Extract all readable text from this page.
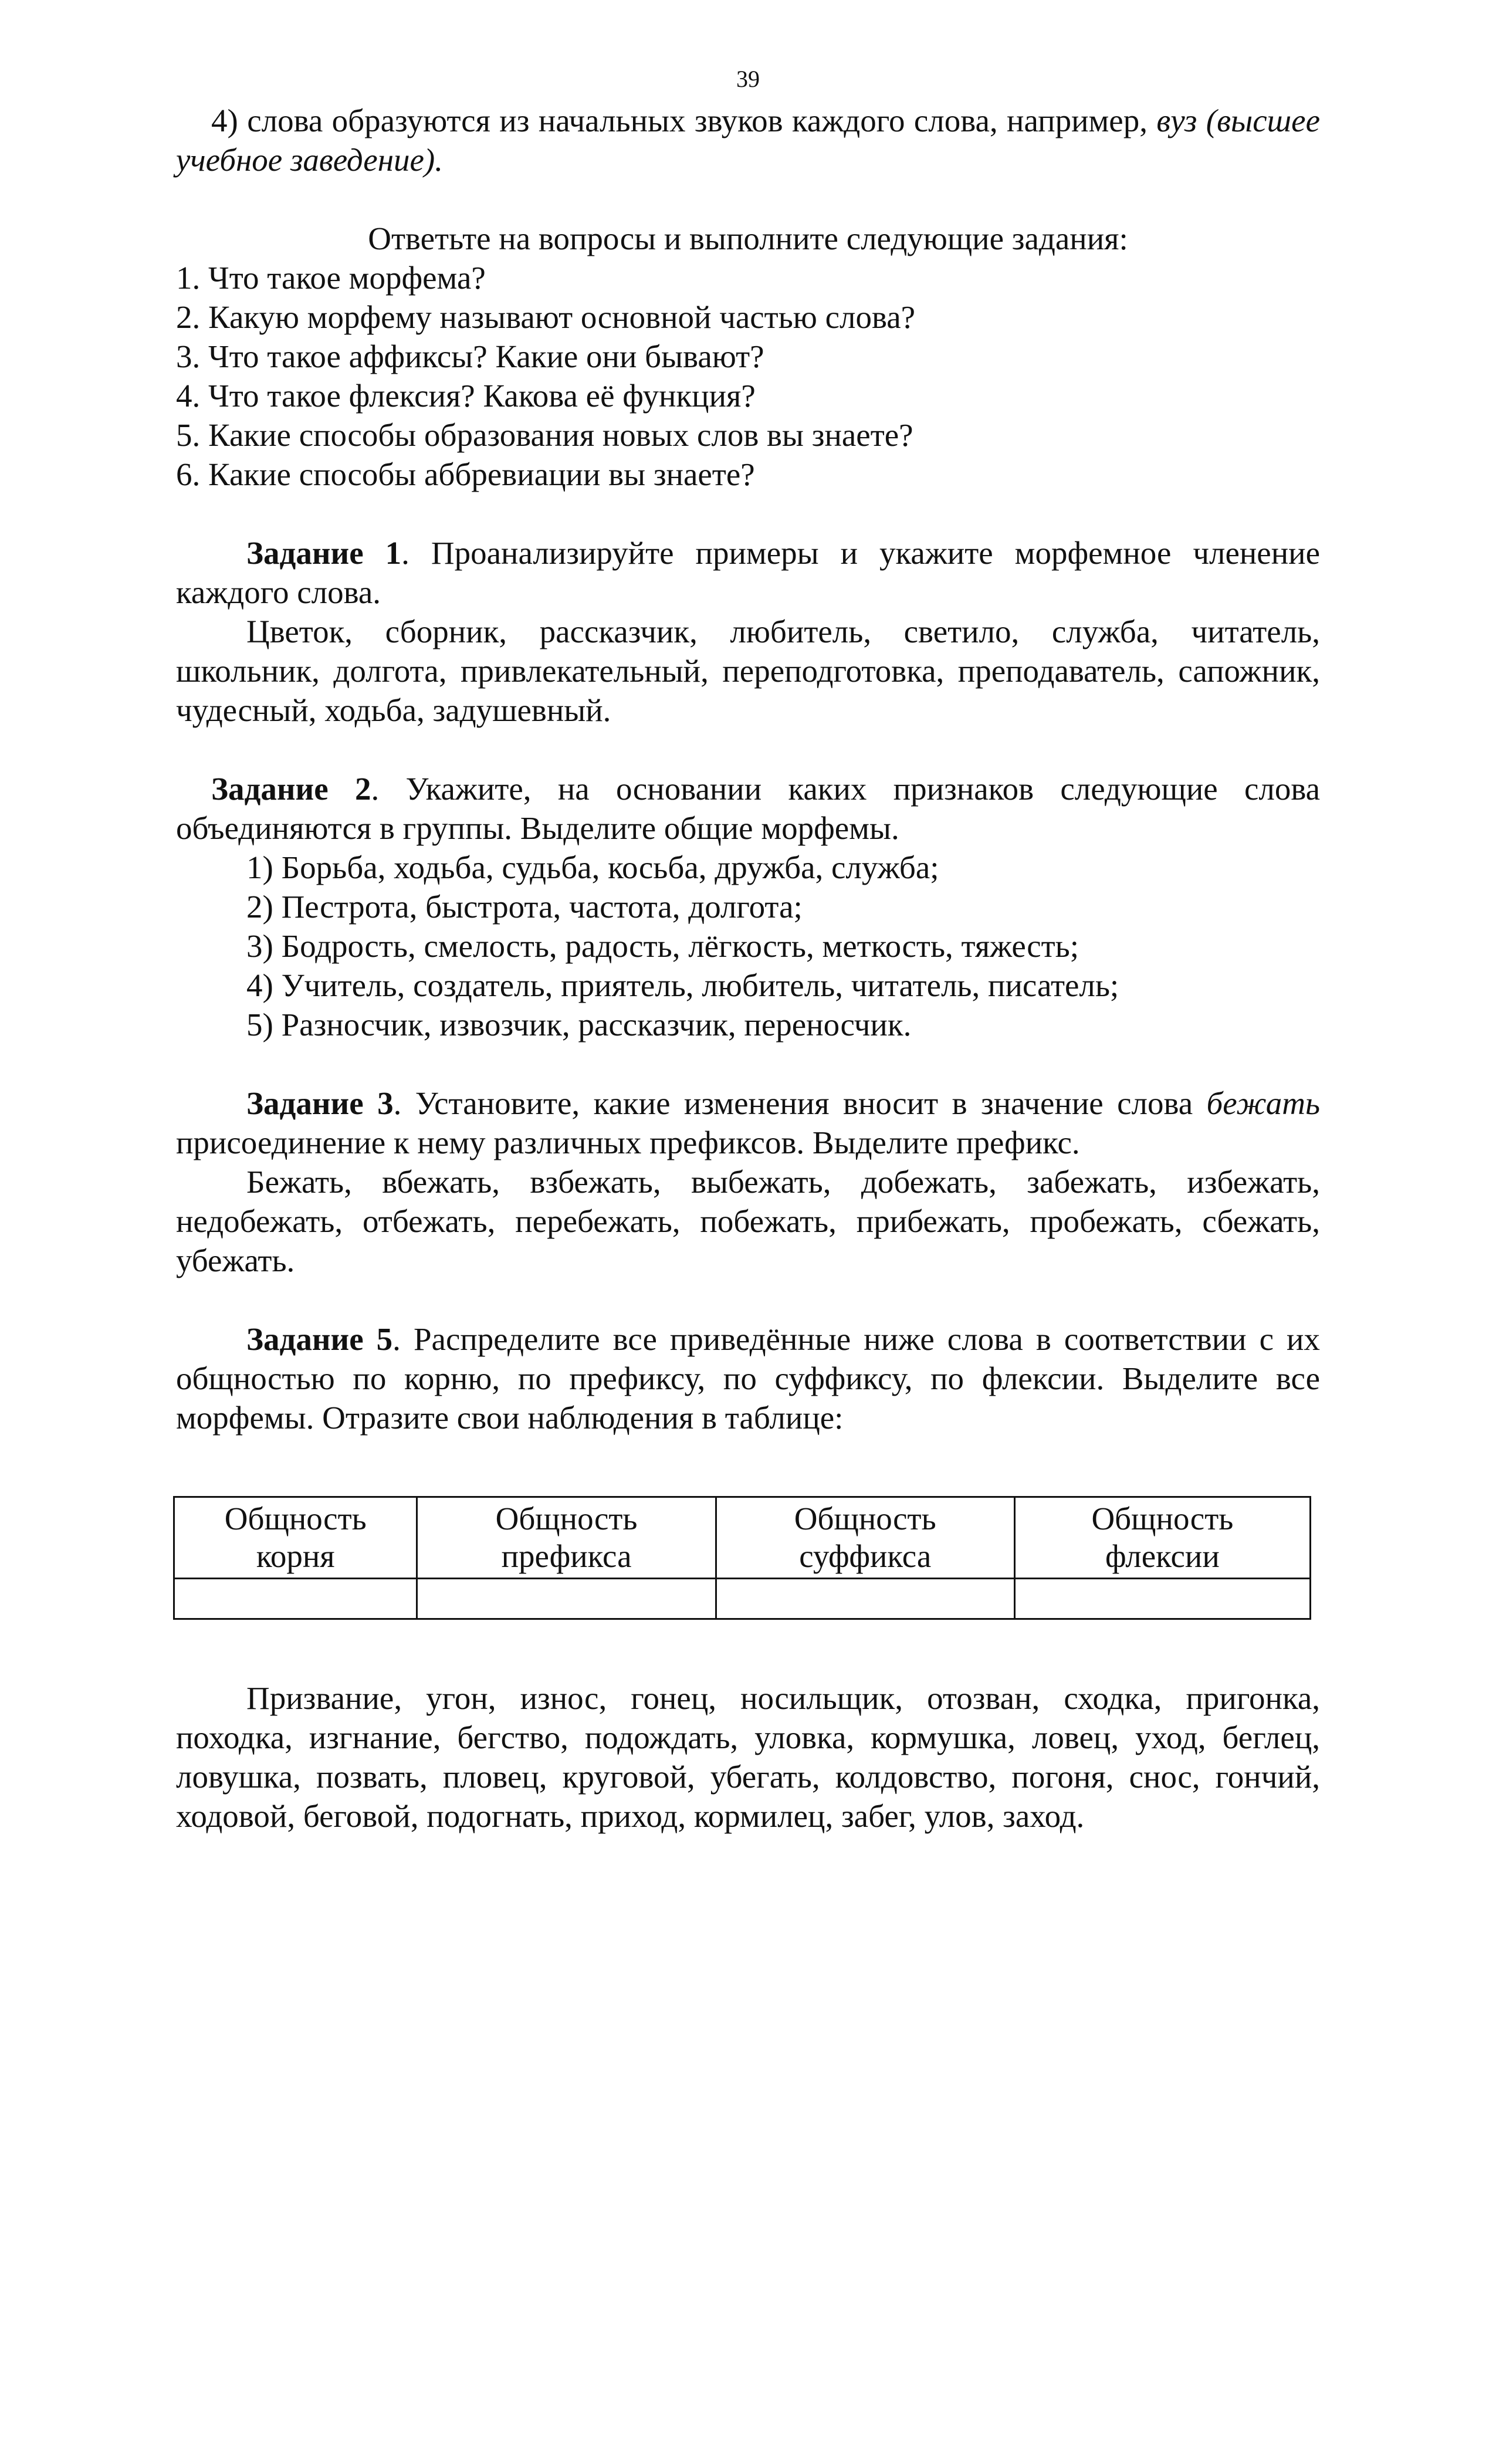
39

4) слова образуются из начальных звуков каждого слова, например, вуз (высшее учебное заведение).

Ответьте на вопросы и выполните следующие задания:

1. Что такое морфема?
2. Какую морфему называют основной частью слова?
3. Что такое аффиксы? Какие они бывают?
4. Что такое флексия? Какова её функция?
5. Какие способы образования новых слов вы знаете?
6. Какие способы аббревиации вы знаете?

Задание 1. Проанализируйте примеры и укажите морфемное членение каждого слова.

Цветок, сборник, рассказчик, любитель, светило, служба, читатель, школьник, долгота, привлекательный, переподготовка, преподаватель, сапожник, чудесный, ходьба, задушевный.

Задание 2. Укажите, на основании каких признаков следующие слова объединяются в группы. Выделите общие морфемы.

1) Борьба, ходьба, судьба, косьба, дружба, служба;
2) Пестрота, быстрота, частота, долгота;
3) Бодрость, смелость, радость, лёгкость, меткость, тяжесть;
4) Учитель, создатель, приятель, любитель, читатель, писатель;
5) Разносчик, извозчик, рассказчик, переносчик.

Задание 3. Установите, какие изменения вносит в значение слова бежать присоединение к нему различных префиксов. Выделите префикс.

Бежать, вбежать, взбежать, выбежать, добежать, забежать, избежать, недобежать, отбежать, перебежать, побежать, прибежать, пробежать, сбежать, убежать.

Задание 5. Распределите все приведённые ниже слова в соответствии с их общностью по корню, по префиксу, по суффиксу, по флексии. Выделите все морфемы. Отразите свои наблюдения в таблице:

Общность
корня	Общность
префикса	Общность
суффикса	Общность
флексии

Призвание, угон, износ, гонец, носильщик, отозван, сходка, пригонка, походка, изгнание, бегство, подождать, уловка, кормушка, ловец, уход, беглец, ловушка, позвать, пловец, круговой, убегать, колдовство, погоня, снос, гончий, ходовой, беговой, подогнать, приход, кормилец, забег, улов, заход.
